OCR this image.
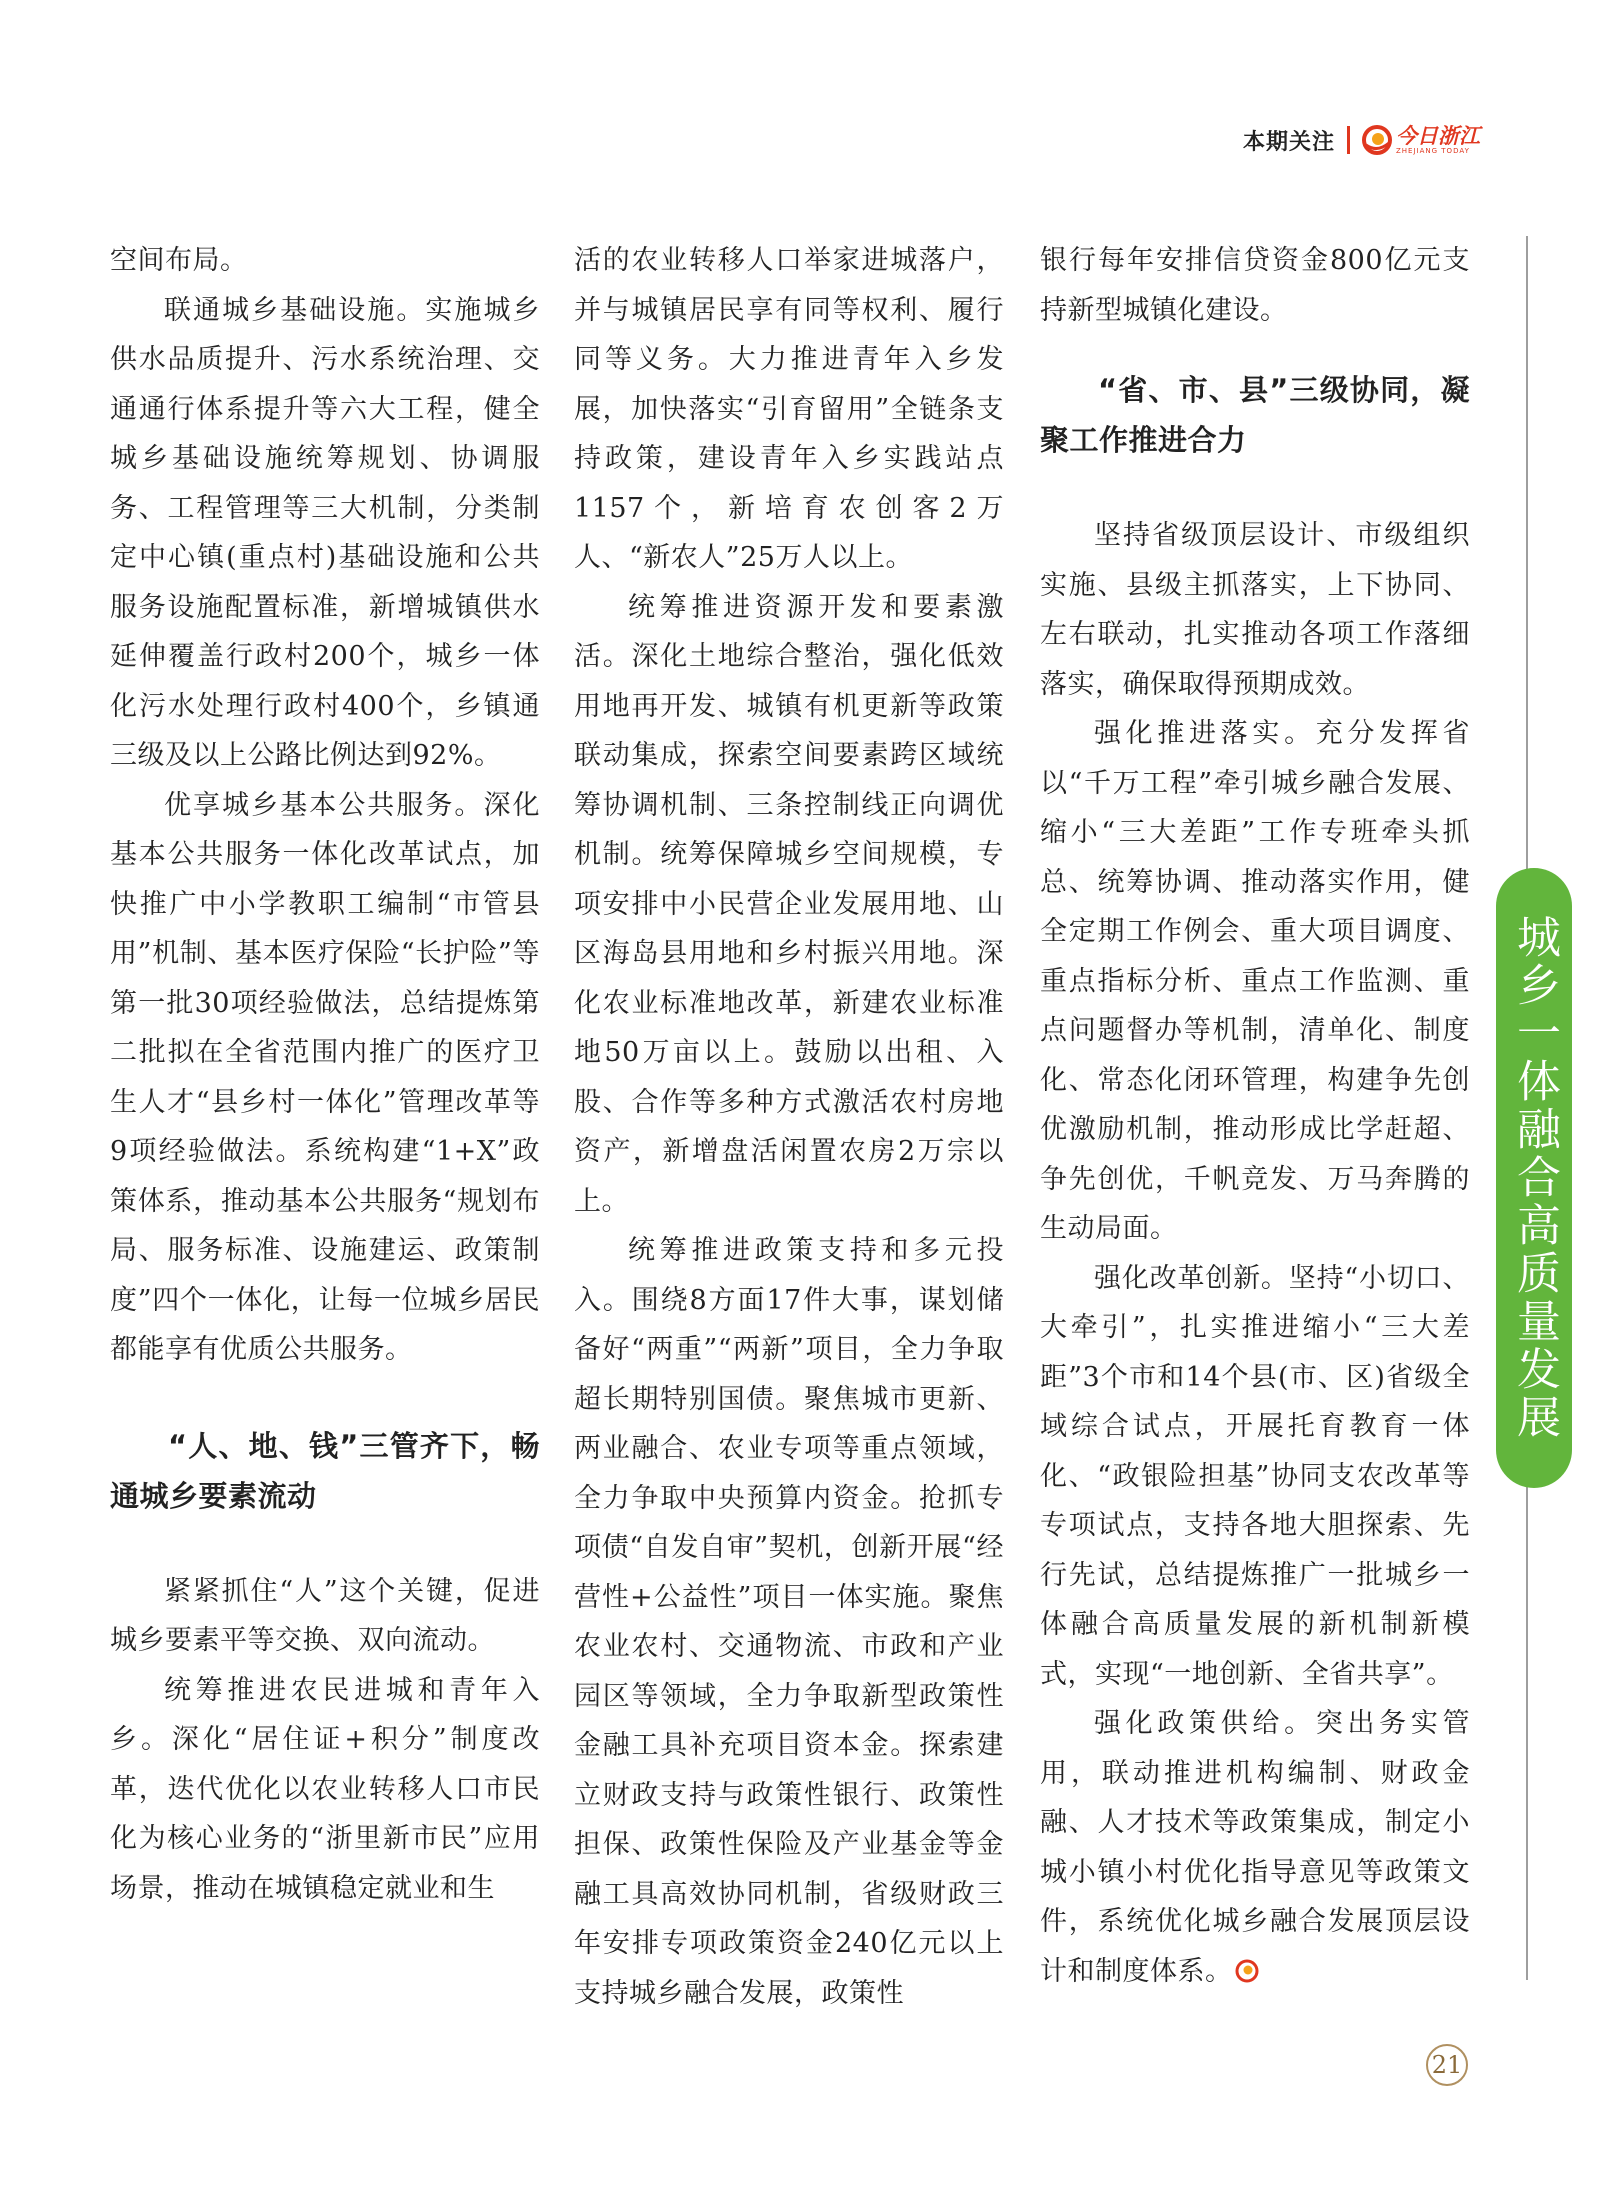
本期关注	今日浙江
ZHEJIANG TODAY

空间布局。

联通城乡基础设施。实施城乡供水品质提升、污水系统治理、交通通行体系提升等六大工程，健全城乡基础设施统筹规划、协调服务、工程管理等三大机制，分类制定中心镇(重点村)基础设施和公共服务设施配置标准，新增城镇供水延伸覆盖行政村200个，城乡一体化污水处理行政村400个，乡镇通三级及以上公路比例达到92%。

优享城乡基本公共服务。深化基本公共服务一体化改革试点，加快推广中小学教职工编制“市管县用”机制、基本医疗保险“长护险”等第一批30项经验做法，总结提炼第二批拟在全省范围内推广的医疗卫生人才“县乡村一体化”管理改革等9项经验做法。系统构建“1+X”政策体系，推动基本公共服务“规划布局、服务标准、设施建运、政策制度”四个一体化，让每一位城乡居民都能享有优质公共服务。

“人、地、钱”三管齐下，畅通城乡要素流动

紧紧抓住“人”这个关键，促进城乡要素平等交换、双向流动。

统筹推进农民进城和青年入乡。深化“居住证+积分”制度改革，迭代优化以农业转移人口市民化为核心业务的“浙里新市民”应用场景，推动在城镇稳定就业和生

活的农业转移人口举家进城落户，并与城镇居民享有同等权利、履行同等义务。大力推进青年入乡发展，加快落实“引育留用”全链条支持政策，建设青年入乡实践站点1157个，新培育农创客2万人、“新农人”25万人以上。

统筹推进资源开发和要素激活。深化土地综合整治，强化低效用地再开发、城镇有机更新等政策联动集成，探索空间要素跨区域统筹协调机制、三条控制线正向调优机制。统筹保障城乡空间规模，专项安排中小民营企业发展用地、山区海岛县用地和乡村振兴用地。深化农业标准地改革，新建农业标准地50万亩以上。鼓励以出租、入股、合作等多种方式激活农村房地资产，新增盘活闲置农房2万宗以上。

统筹推进政策支持和多元投入。围绕8方面17件大事，谋划储备好“两重”“两新”项目，全力争取超长期特别国债。聚焦城市更新、两业融合、农业专项等重点领域，全力争取中央预算内资金。抢抓专项债“自发自审”契机，创新开展“经营性+公益性”项目一体实施。聚焦农业农村、交通物流、市政和产业园区等领域，全力争取新型政策性金融工具补充项目资本金。探索建立财政支持与政策性银行、政策性担保、政策性保险及产业基金等金融工具高效协同机制，省级财政三年安排专项政策资金240亿元以上支持城乡融合发展，政策性

银行每年安排信贷资金800亿元支持新型城镇化建设。

“省、市、县”三级协同，凝聚工作推进合力

坚持省级顶层设计、市级组织实施、县级主抓落实，上下协同、左右联动，扎实推动各项工作落细落实，确保取得预期成效。

强化推进落实。充分发挥省以“千万工程”牵引城乡融合发展、缩小“三大差距”工作专班牵头抓总、统筹协调、推动落实作用，健全定期工作例会、重大项目调度、重点指标分析、重点工作监测、重点问题督办等机制，清单化、制度化、常态化闭环管理，构建争先创优激励机制，推动形成比学赶超、争先创优，千帆竞发、万马奔腾的生动局面。

强化改革创新。坚持“小切口、大牵引”，扎实推进缩小“三大差距”3个市和14个县(市、区)省级全域综合试点，开展托育教育一体化、“政银险担基”协同支农改革等专项试点，支持各地大胆探索、先行先试，总结提炼推广一批城乡一体融合高质量发展的新机制新模式，实现“一地创新、全省共享”。

强化政策供给。突出务实管用，联动推进机构编制、财政金融、人才技术等政策集成，制定小城小镇小村优化指导意见等政策文件，系统优化城乡融合发展顶层设计和制度体系。

城乡一体融合高质量发展
21
